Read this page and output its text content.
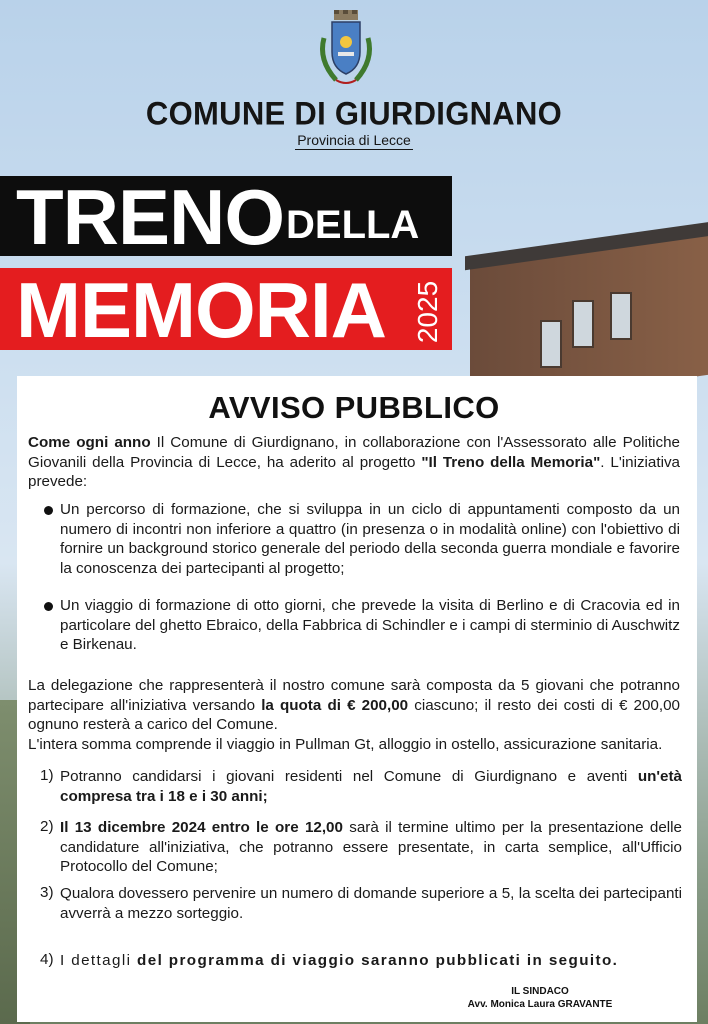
COMUNE DI GIURDIGNANO
Provincia di Lecce
TRENO DELLA
MEMORIA 2025
AVVISO PUBBLICO
Come ogni anno Il Comune di Giurdignano, in collaborazione con l'Assessorato alle Politiche Giovanili della Provincia di Lecce, ha aderito al progetto "Il Treno della Memoria". L'iniziativa prevede:
Un percorso di formazione, che si sviluppa in un ciclo di appuntamenti composto da un numero di incontri non inferiore a quattro (in presenza o in modalità online) con l'obiettivo di fornire un background storico generale del periodo della seconda guerra mondiale e favorire la conoscenza dei partecipanti al progetto;
Un viaggio di formazione di otto giorni, che prevede la visita di Berlino e di Cracovia ed in particolare del ghetto Ebraico, della Fabbrica di Schindler e i campi di sterminio di Auschwitz e Birkenau.
La delegazione che rappresenterà il nostro comune sarà composta da 5 giovani che potranno partecipare all'iniziativa versando la quota di € 200,00 ciascuno; il resto dei costi di € 200,00 ognuno resterà a carico del Comune.
L'intera somma comprende il viaggio in Pullman Gt, alloggio in ostello, assicurazione sanitaria.
1) Potranno candidarsi i giovani residenti nel Comune di Giurdignano e aventi un'età compresa tra i 18 e i 30 anni;
2) Il 13 dicembre 2024 entro le ore 12,00 sarà il termine ultimo per la presentazione delle candidature all'iniziativa, che potranno essere presentate, in carta semplice, all'Ufficio Protocollo del Comune;
3) Qualora dovessero pervenire un numero di domande superiore a 5, la scelta dei partecipanti avverrà a mezzo sorteggio.
4) I dettagli del programma di viaggio saranno pubblicati in seguito.
IL SINDACO
Avv. Monica Laura GRAVANTE
